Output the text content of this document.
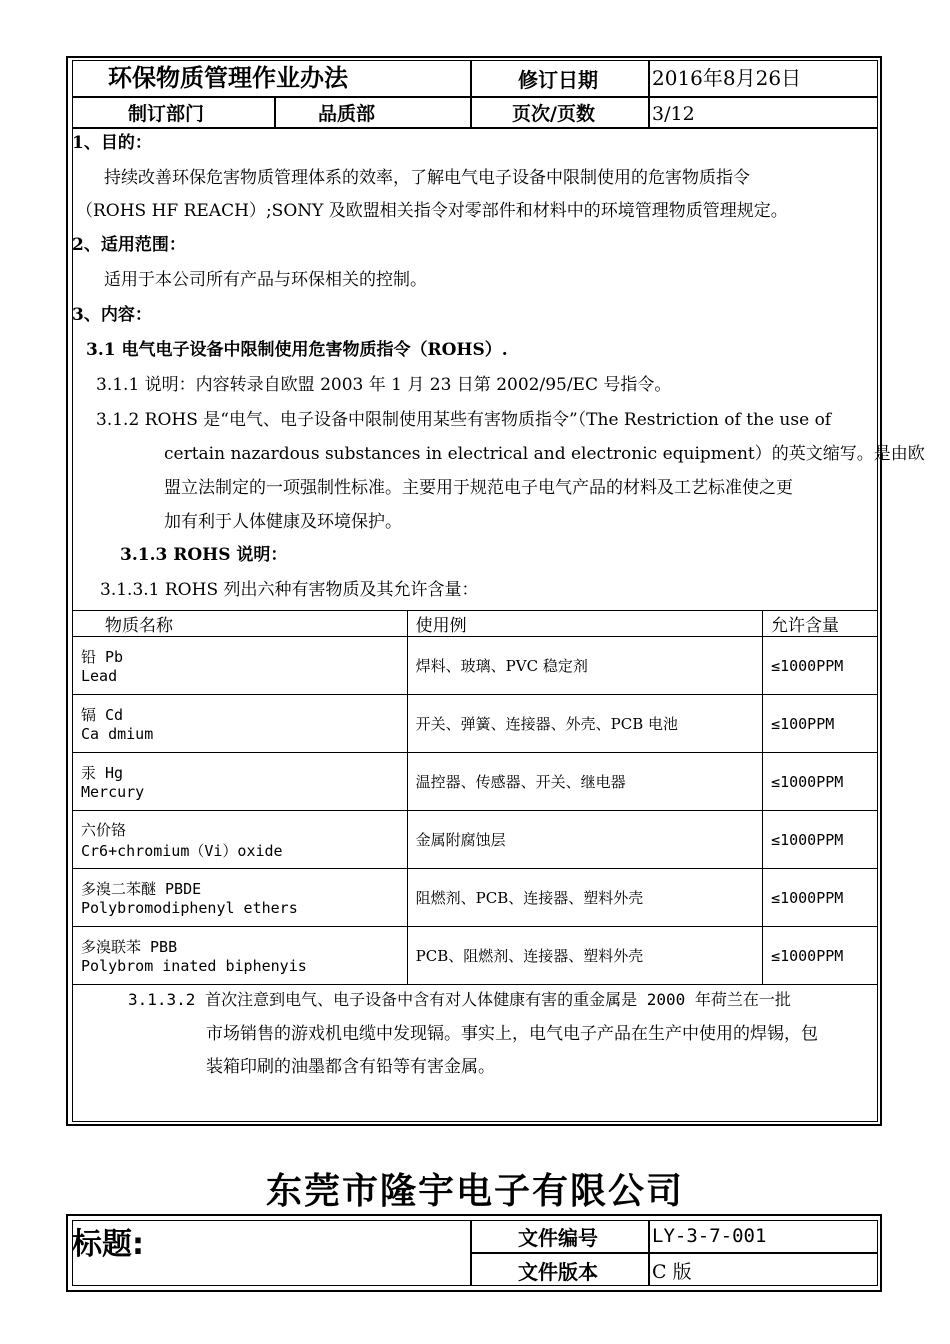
环保物质管理作业办法	修订日期	2016年8月26日
制订部门	品质部	页次/页数	3/12
1、目的：
持续改善环保危害物质管理体系的效率，了解电气电子设备中限制使用的危害物质指令
（ROHS HF REACH）;SONY 及欧盟相关指令对零部件和材料中的环境管理物质管理规定。
2、适用范围：
适用于本公司所有产品与环保相关的控制。
3、内容：
3.1 电气电子设备中限制使用危害物质指令（ROHS）.
3.1.1 说明：内容转录自欧盟 2003 年 1 月 23 日第 2002/95/EC 号指令。
3.1.2 ROHS 是“电气、电子设备中限制使用某些有害物质指令”（The Restriction of the use of
certain nazardous substances in electrical and electronic equipment）的英文缩写。是由欧
盟立法制定的一项强制性标准。主要用于规范电子电气产品的材料及工艺标准使之更
加有利于人体健康及环境保护。
3.1.3 ROHS 说明：
3.1.3.1 ROHS 列出六种有害物质及其允许含量：
物质名称	使用例	允许含量

铅 Pb
Lead	焊料、玻璃、PVC 稳定剂	≤1000PPM

镉 Cd
Ca dmium	开关、弹簧、连接器、外壳、PCB 电池	≤100PPM

汞 Hg
Mercury	温控器、传感器、开关、继电器	≤1000PPM

六价铬
Cr6+chromium（Vi）oxide	金属附腐蚀层	≤1000PPM

多溴二苯醚 PBDE
Polybromodiphenyl ethers	阻燃剂、PCB、连接器、塑料外壳	≤1000PPM

多溴联苯 PBB
Polybrom inated biphenyis	PCB、阻燃剂、连接器、塑料外壳	≤1000PPM
3.1.3.2 首次注意到电气、电子设备中含有对人体健康有害的重金属是 2000 年荷兰在一批
市场销售的游戏机电缆中发现镉。事实上，电气电子产品在生产中使用的焊锡，包
装箱印刷的油墨都含有铅等有害金属。
东莞市隆宇电子有限公司
标题:	文件编号	LY-3-7-001
文件版本	C 版
